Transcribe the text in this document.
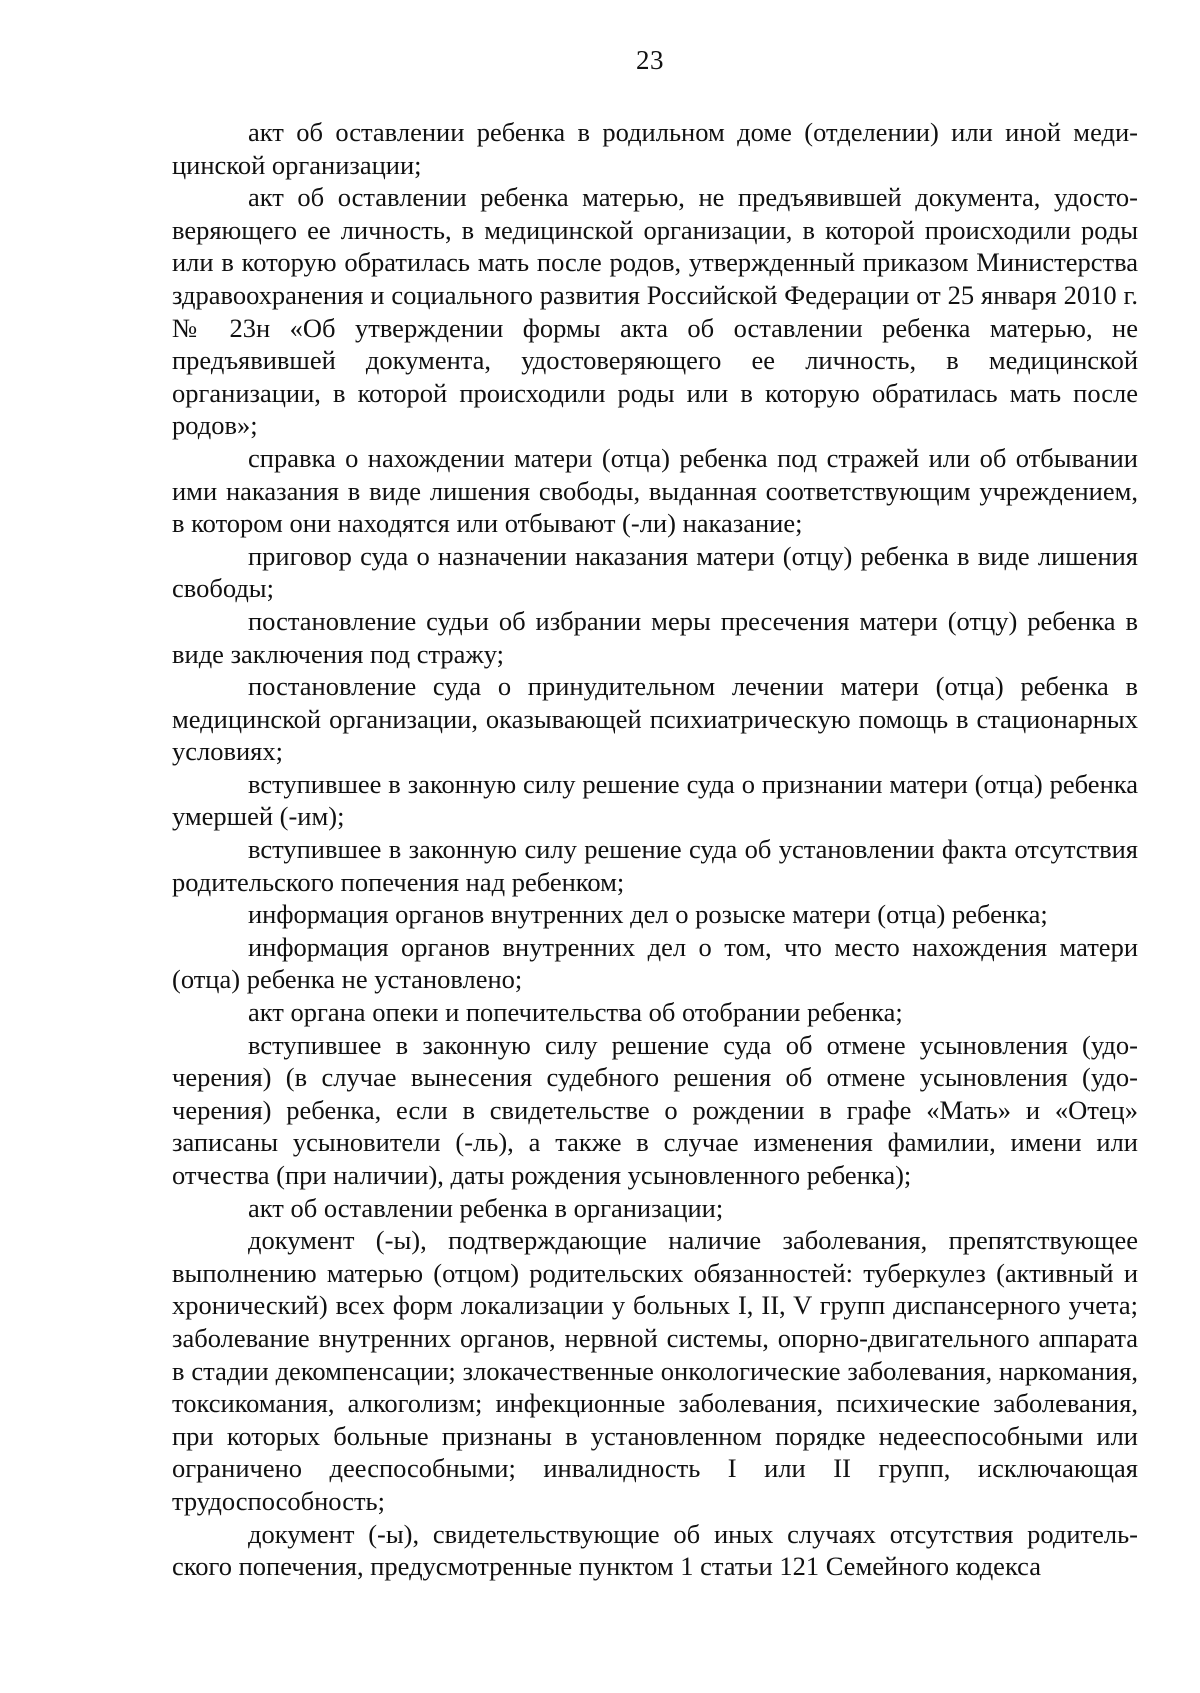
23

акт об оставлении ребенка в родильном доме (отделении) или иной медицинской организации;

акт об оставлении ребенка матерью, не предъявившей документа, удостоверяющего ее личность, в медицинской организации, в которой происходили роды или в которую обратилась мать после родов, утвержденный приказом Министерства здравоохранения и социального развития Российской Федерации от 25 января 2010 г. № 23н «Об утверждении формы акта об оставлении ребенка матерью, не предъявившей документа, удостоверяющего ее личность, в медицинской организации, в которой происходили роды или в которую обратилась мать после родов»;

справка о нахождении матери (отца) ребенка под стражей или об отбывании ими наказания в виде лишения свободы, выданная соответствующим учреждением, в котором они находятся или отбывают (-ли) наказание;

приговор суда о назначении наказания матери (отцу) ребенка в виде лишения свободы;

постановление судьи об избрании меры пресечения матери (отцу) ребенка в виде заключения под стражу;

постановление суда о принудительном лечении матери (отца) ребенка в медицинской организации, оказывающей психиатрическую помощь в стационарных условиях;

вступившее в законную силу решение суда о признании матери (отца) ребенка умершей (-им);

вступившее в законную силу решение суда об установлении факта отсутствия родительского попечения над ребенком;

информация органов внутренних дел о розыске матери (отца) ребенка;

информация органов внутренних дел о том, что место нахождения матери (отца) ребенка не установлено;

акт органа опеки и попечительства об отобрании ребенка;

вступившее в законную силу решение суда об отмене усыновления (удочерения) (в случае вынесения судебного решения об отмене усыновления (удочерения) ребенка, если в свидетельстве о рождении в графе «Мать» и «Отец» записаны усыновители (-ль), а также в случае изменения фамилии, имени или отчества (при наличии), даты рождения усыновленного ребенка);

акт об оставлении ребенка в организации;

документ (-ы), подтверждающие наличие заболевания, препятствующее выполнению матерью (отцом) родительских обязанностей: туберкулез (активный и хронический) всех форм локализации у больных I, II, V групп диспансерного учета; заболевание внутренних органов, нервной системы, опорно-двигательного аппарата в стадии декомпенсации; злокачественные онкологические заболевания, наркомания, токсикомания, алкоголизм; инфекционные заболевания, психические заболевания, при которых больные признаны в установленном порядке недееспособными или ограничено дееспособными; инвалидность I или II групп, исключающая трудоспособность;

документ (-ы), свидетельствующие об иных случаях отсутствия родительского попечения, предусмотренные пунктом 1 статьи 121 Семейного кодекса
